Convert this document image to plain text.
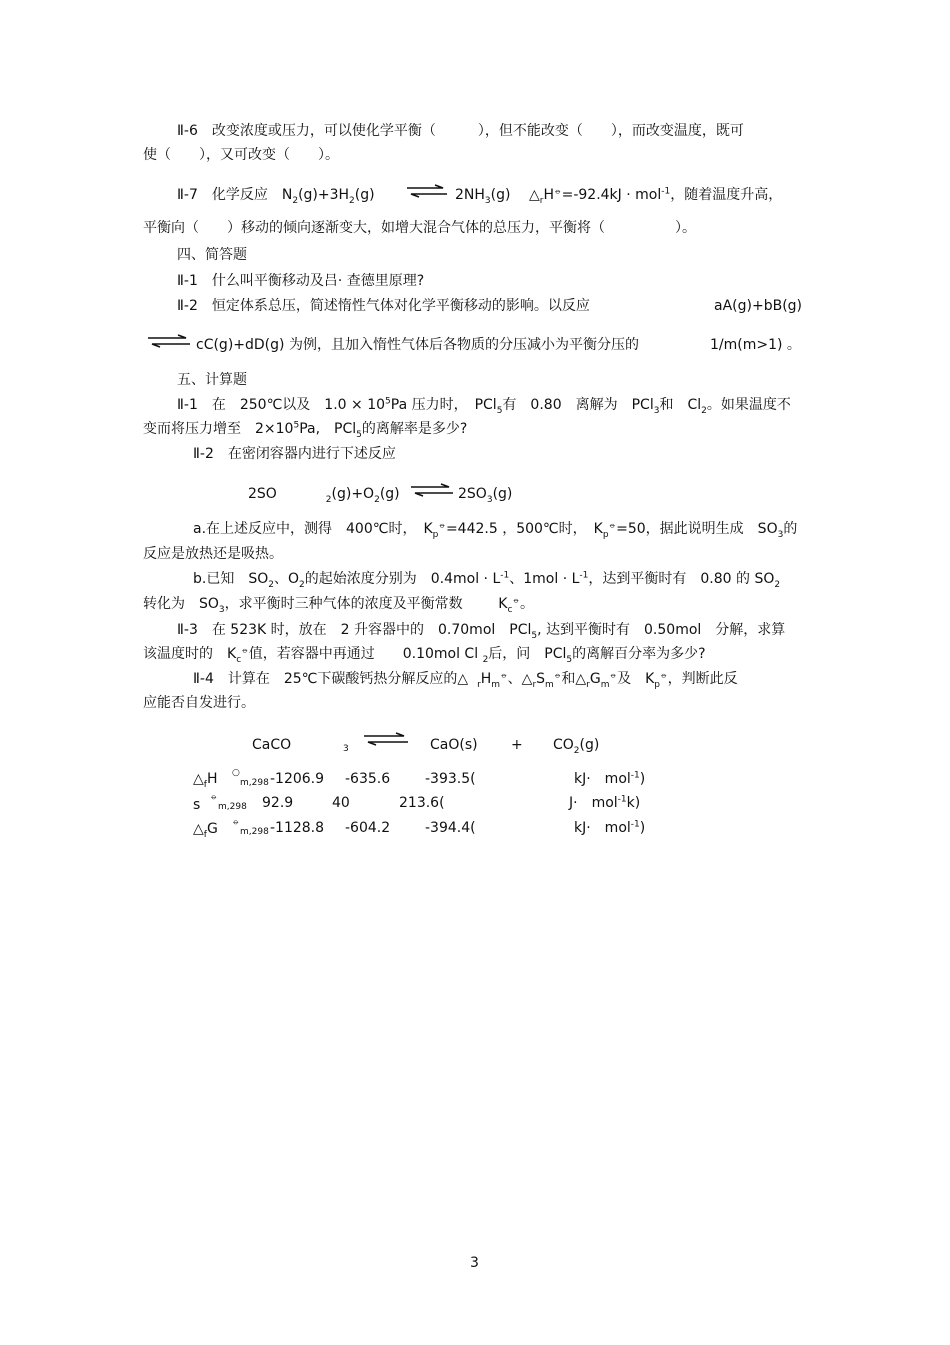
Ⅱ-6　改变浓度或压力，可以使化学平衡（　　　），但不能改变（　　），而改变温度，既可
使（　　），又可改变（　　）。
Ⅱ-7　化学反应　$N_2(g)+3H_2(g)$ ⇌ $2NH_3(g)$ $\triangle_rH^⦵=-92.4kJ \cdot mol^{-1}$，随着温度升高，
平衡向（　　）移动的倾向逐渐变大，如增大混合气体的总压力，平衡将（　　　　　）。
四、简答题
Ⅱ-1　什么叫平衡移动及吕· 查德里原理?
Ⅱ-2　恒定体系总压，简述惰性气体对化学平衡移动的影响。以反应	aA(g)+bB(g)
⇌ cC(g)+dD(g) 为例，且加入惰性气体后各物质的分压减小为平衡分压的	1/m(m>1) 。
五、计算题
Ⅱ-1　在　250℃以及　$1.0 \times 10^5Pa$ 压力时，　PCl$_5$有　0.80　离解为　PCl$_3$和　$Cl_2$。如果温度不
变而将压力增至　$2\times 10^5Pa$,　PCl$_5$的离解率是多少?
Ⅱ-2　在密闭容器内进行下述反应
2SO	$_2(g)+O_2(g)$ ⇌ $2SO_3(g)$
a.在上述反应中，测得　400℃时，　$K_p^⦵=442.5$ ，500℃时，　$K_p^⦵=50$，据此说明生成　$SO_3$的
反应是放热还是吸热。
b.已知　$SO_2$、$O_2$的起始浓度分别为　$0.4mol \cdot L^{-1}$、$1mol \cdot L^{-1}$，达到平衡时有　0.80 的 $SO_2$
转化为　$SO_3$，求平衡时三种气体的浓度及平衡常数	$K_c^⦵$。
Ⅱ-3　在 523K 时，放在　2 升容器中的　0.70mol　PCl$_5$, 达到平衡时有　0.50mol　分解，求算
该温度时的　$K_c^⦵$值，若容器中再通过　　0.10mol Cl $_2$后，问　PCl$_5$的离解百分率为多少?
Ⅱ-4　计算在　25℃下碳酸钙热分解反应的△ $_rH_m^⦵$、$\triangle_rS_m^⦵$和$\triangle_rG_m^⦵$及　$K_p^⦵$，判断此反
应能否自发进行。
CaCO	3 ⇌ $CaO(s) + CO_2(g)$
$\triangle_fH$ ○
m,298 -1206.9 -635.6 -393.5(	kJ·　mol$^{-1}$)
s ⦵
m,298 92.9	40	213.6(	J·　mol$^{-1}$k)
$\triangle_fG$ ⦵
m,298 -1128.8 -604.2 -394.4(	kJ·　mol$^{-1}$)
3
